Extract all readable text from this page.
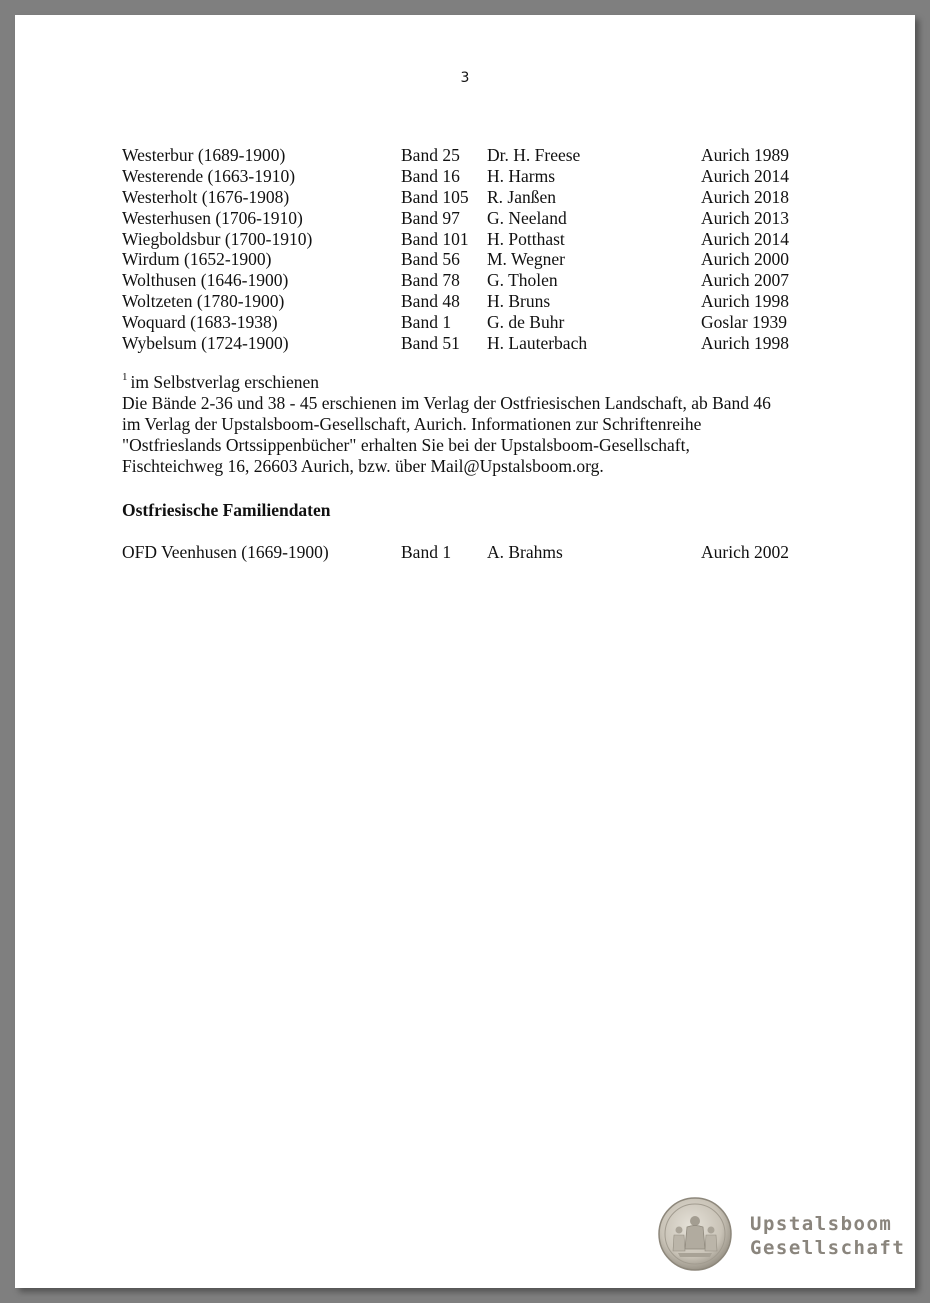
3
Westerbur (1689-1900)	Band 25 Dr. H. Freese	Aurich 1989
Westerende (1663-1910)	Band 16 H. Harms	Aurich 2014
Westerholt (1676-1908)	Band 105 R. Janßen	Aurich 2018
Westerhusen (1706-1910)	Band 97 G. Neeland	Aurich 2013
Wiegboldsbur (1700-1910)	Band 101 H. Potthast	Aurich 2014
Wirdum (1652-1900)	Band 56 M. Wegner	Aurich 2000
Wolthusen (1646-1900)	Band 78 G. Tholen	Aurich 2007
Woltzeten (1780-1900)	Band 48 H. Bruns	Aurich 1998
Woquard (1683-1938)	Band 1 G. de Buhr	Goslar 1939
Wybelsum (1724-1900)	Band 51 H. Lauterbach	Aurich 1998
$^1$ im Selbstverlag erschienen
Die Bände 2-36 und 38 - 45 erschienen im Verlag der Ostfriesischen Landschaft, ab Band 46
im Verlag der Upstalsboom-Gesellschaft, Aurich. Informationen zur Schriftenreihe
"Ostfrieslands Ortssippenbücher" erhalten Sie bei der Upstalsboom-Gesellschaft,
Fischteichweg 16, 26603 Aurich, bzw. über Mail@Upstalsboom.org.
Ostfriesische Familiendaten
OFD Veenhusen (1669-1900)	Band 1 A. Brahms	Aurich 2002
Upstalsboom
Gesellschaft
